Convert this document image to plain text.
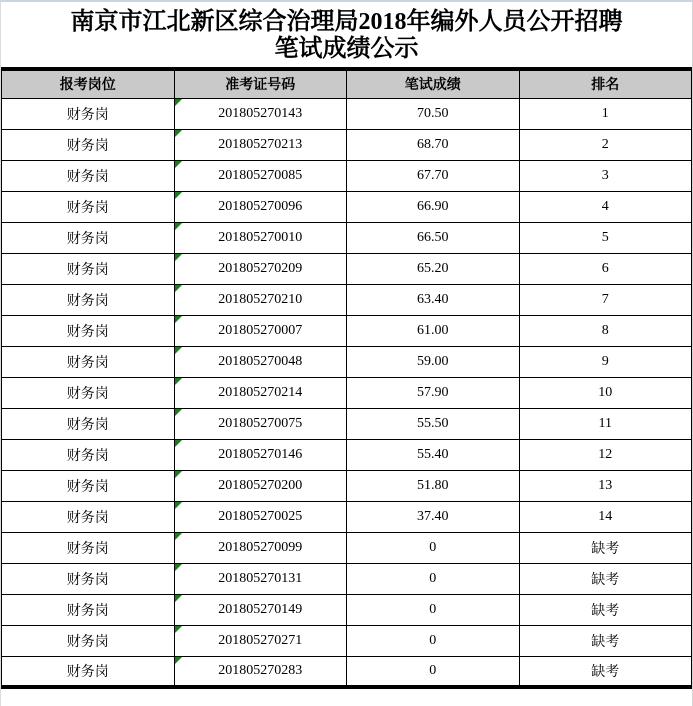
南京市江北新区综合治理局2018年编外人员公开招聘
笔试成绩公示
报考岗位	准考证号码	笔试成绩	排名
财务岗	201805270143	70.50	1
财务岗	201805270213	68.70	2
财务岗	201805270085	67.70	3
财务岗	201805270096	66.90	4
财务岗	201805270010	66.50	5
财务岗	201805270209	65.20	6
财务岗	201805270210	63.40	7
财务岗	201805270007	61.00	8
财务岗	201805270048	59.00	9
财务岗	201805270214	57.90	10
财务岗	201805270075	55.50	11
财务岗	201805270146	55.40	12
财务岗	201805270200	51.80	13
财务岗	201805270025	37.40	14
财务岗	201805270099	0	缺考
财务岗	201805270131	0	缺考
财务岗	201805270149	0	缺考
财务岗	201805270271	0	缺考
财务岗	201805270283	0	缺考
